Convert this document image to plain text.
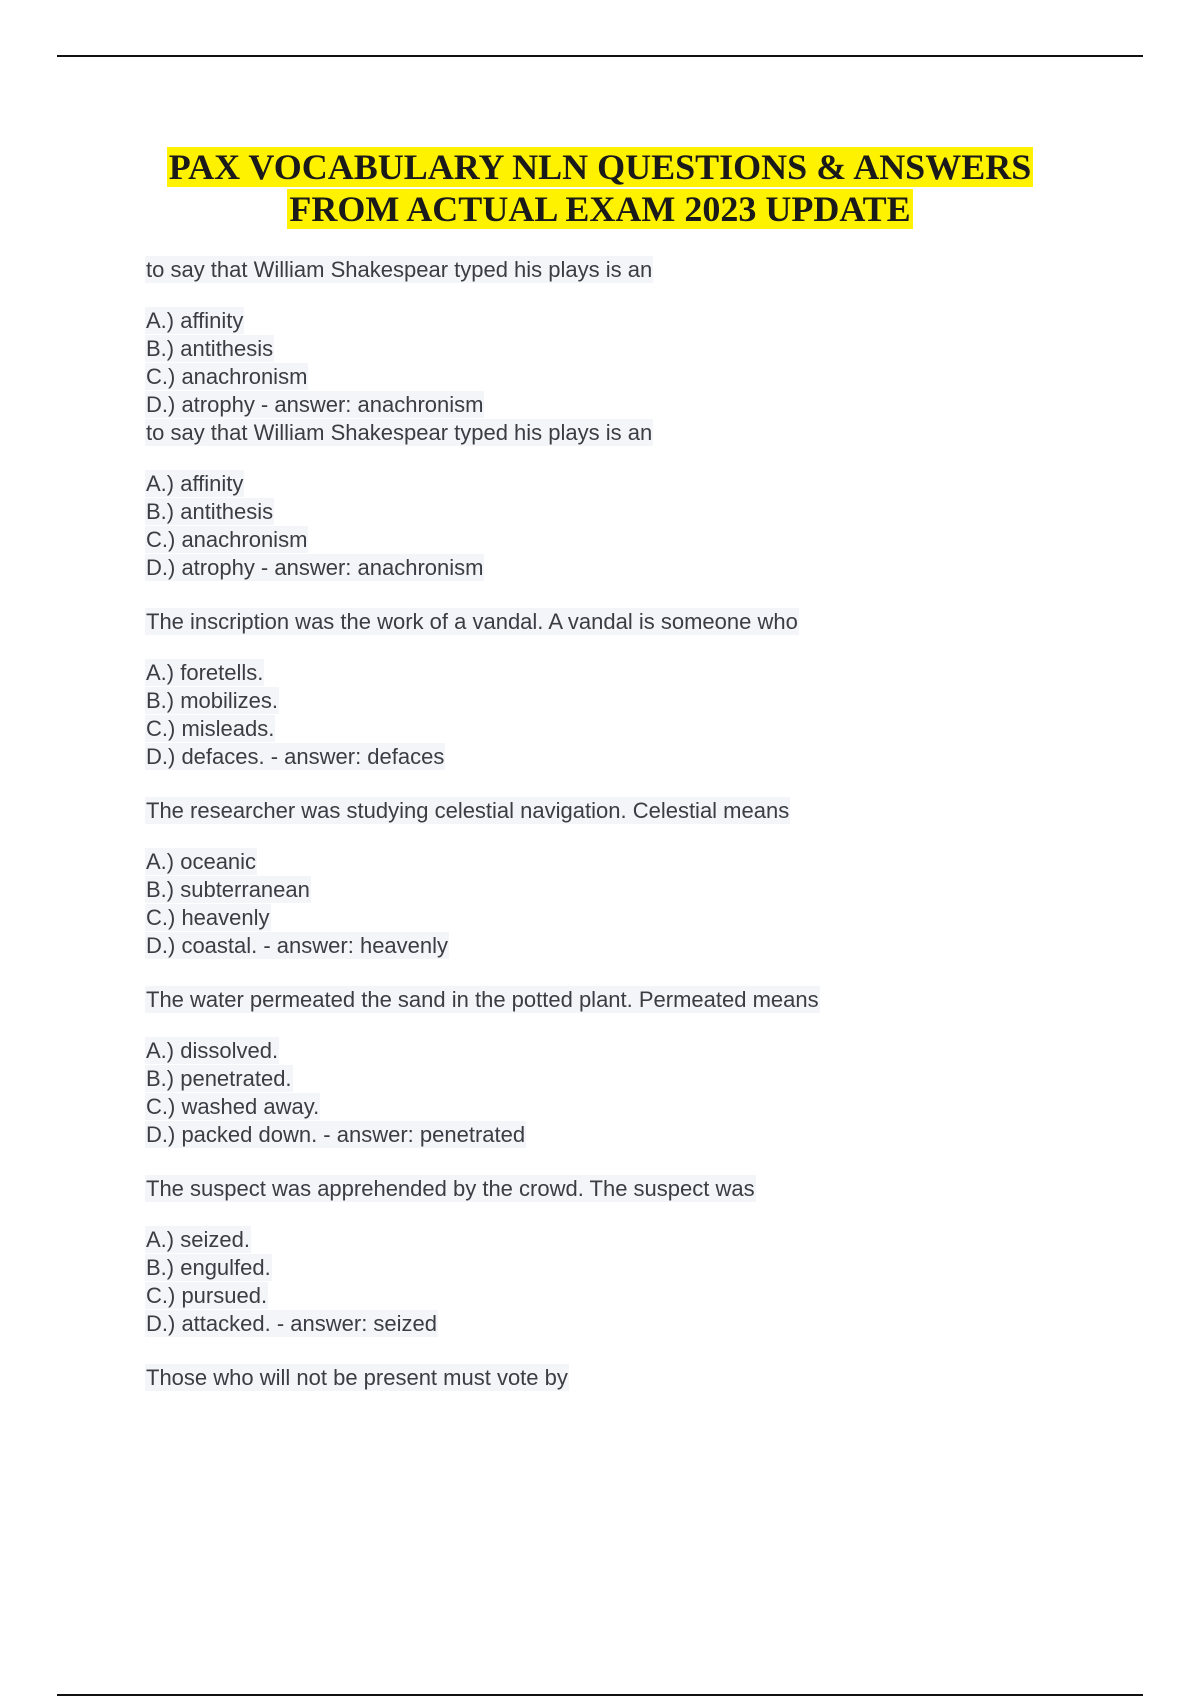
PAX VOCABULARY NLN QUESTIONS & ANSWERS
FROM ACTUAL EXAM 2023 UPDATE
to say that William Shakespear typed his plays is an
A.) affinity
B.) antithesis
C.) anachronism
D.) atrophy - answer: anachronism
to say that William Shakespear typed his plays is an
A.) affinity
B.) antithesis
C.) anachronism
D.) atrophy - answer: anachronism
The inscription was the work of a vandal. A vandal is someone who
A.) foretells.
B.) mobilizes.
C.) misleads.
D.) defaces. - answer: defaces
The researcher was studying celestial navigation. Celestial means
A.) oceanic
B.) subterranean
C.) heavenly
D.) coastal. - answer: heavenly
The water permeated the sand in the potted plant. Permeated means
A.) dissolved.
B.) penetrated.
C.) washed away.
D.) packed down. - answer: penetrated
The suspect was apprehended by the crowd. The suspect was
A.) seized.
B.) engulfed.
C.) pursued.
D.) attacked. - answer: seized
Those who will not be present must vote by
